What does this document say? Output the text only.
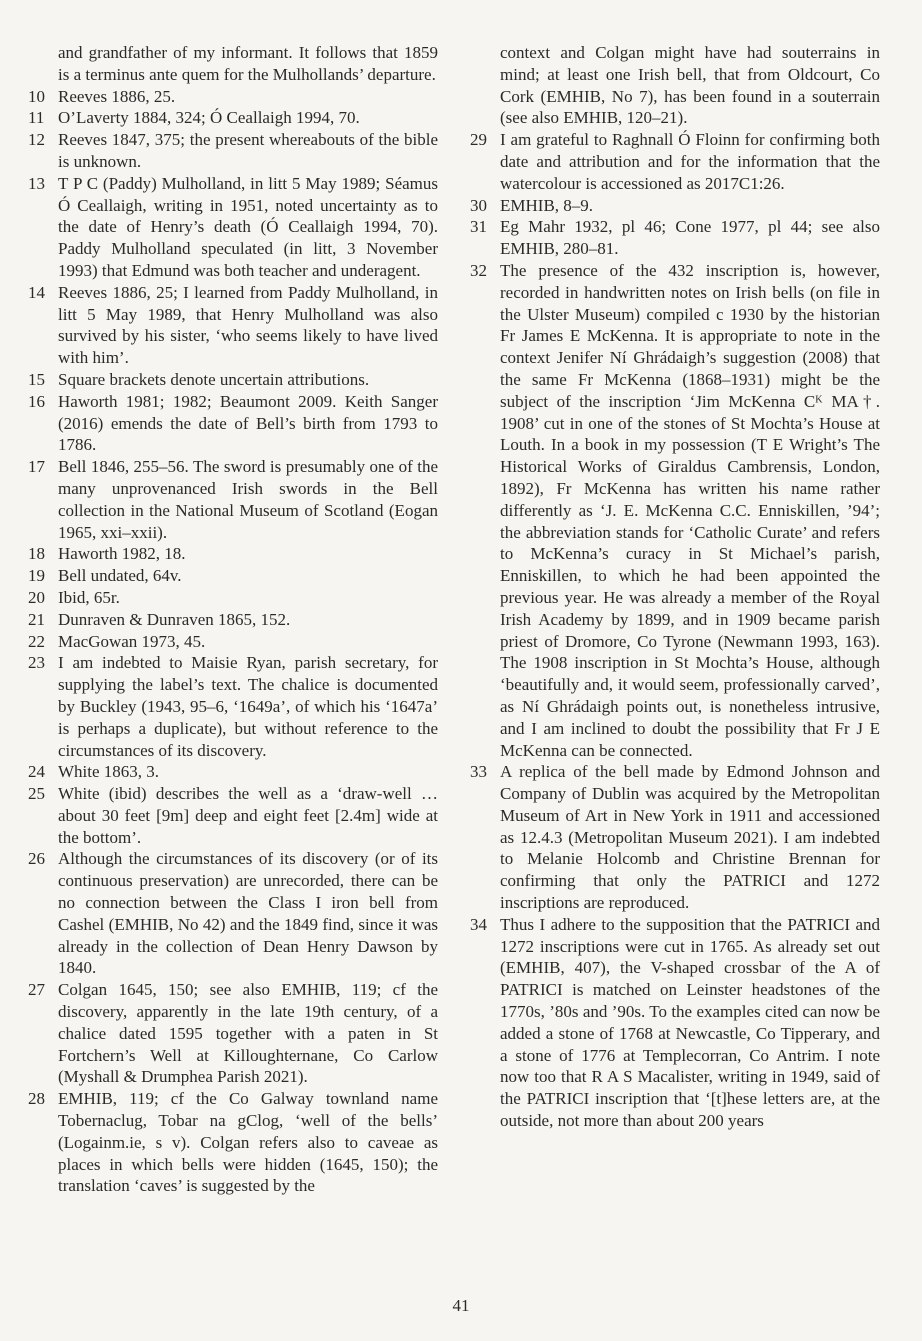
and grandfather of my informant. It follows that 1859 is a terminus ante quem for the Mulhollands’ departure.

10 Reeves 1886, 25.
11 O’Laverty 1884, 324; Ó Ceallaigh 1994, 70.
12 Reeves 1847, 375; the present whereabouts of the bible is unknown.
13 T P C (Paddy) Mulholland, in litt 5 May 1989; Séamus Ó Ceallaigh, writing in 1951, noted uncertainty as to the date of Henry’s death (Ó Ceallaigh 1994, 70). Paddy Mulholland speculated (in litt, 3 November 1993) that Edmund was both teacher and underagent.
14 Reeves 1886, 25; I learned from Paddy Mulholland, in litt 5 May 1989, that Henry Mulholland was also survived by his sister, ‘who seems likely to have lived with him’.
15 Square brackets denote uncertain attributions.
16 Haworth 1981; 1982; Beaumont 2009. Keith Sanger (2016) emends the date of Bell’s birth from 1793 to 1786.
17 Bell 1846, 255–56. The sword is presumably one of the many unprovenanced Irish swords in the Bell collection in the National Museum of Scotland (Eogan 1965, xxi–xxii).
18 Haworth 1982, 18.
19 Bell undated, 64v.
20 Ibid, 65r.
21 Dunraven & Dunraven 1865, 152.
22 MacGowan 1973, 45.
23 I am indebted to Maisie Ryan, parish secretary, for supplying the label’s text. The chalice is documented by Buckley (1943, 95–6, ‘1649a’, of which his ‘1647a’ is perhaps a duplicate), but without reference to the circumstances of its discovery.
24 White 1863, 3.
25 White (ibid) describes the well as a ‘draw-well … about 30 feet [9m] deep and eight feet [2.4m] wide at the bottom’.
26 Although the circumstances of its discovery (or of its continuous preservation) are unrecorded, there can be no connection between the Class I iron bell from Cashel (EMHIB, No 42) and the 1849 find, since it was already in the collection of Dean Henry Dawson by 1840.
27 Colgan 1645, 150; see also EMHIB, 119; cf the discovery, apparently in the late 19th century, of a chalice dated 1595 together with a paten in St Fortchern’s Well at Killoughternane, Co Carlow (Myshall & Drumphea Parish 2021).
28 EMHIB, 119; cf the Co Galway townland name Tobernaclug, Tobar na gClog, ‘well of the bells’ (Logainm.ie, s v). Colgan refers also to caveae as places in which bells were hidden (1645, 150); the translation ‘caves’ is suggested by the

context and Colgan might have had souterrains in mind; at least one Irish bell, that from Oldcourt, Co Cork (EMHIB, No 7), has been found in a souterrain (see also EMHIB, 120–21).

29 I am grateful to Raghnall Ó Floinn for confirming both date and attribution and for the information that the watercolour is accessioned as 2017C1:26.
30 EMHIB, 8–9.
31 Eg Mahr 1932, pl 46; Cone 1977, pl 44; see also EMHIB, 280–81.
32 The presence of the 432 inscription is, however, recorded in handwritten notes on Irish bells (on file in the Ulster Museum) compiled c 1930 by the historian Fr James E McKenna. It is appropriate to note in the context Jenifer Ní Ghrádaigh’s suggestion (2008) that the same Fr McKenna (1868–1931) might be the subject of the inscription ‘Jim McKenna Cᴷ MA†. 1908’ cut in one of the stones of St Mochta’s House at Louth. In a book in my possession (T E Wright’s The Historical Works of Giraldus Cambrensis, London, 1892), Fr McKenna has written his name rather differently as ‘J. E. McKenna C.C. Enniskillen, ’94’; the abbreviation stands for ‘Catholic Curate’ and refers to McKenna’s curacy in St Michael’s parish, Enniskillen, to which he had been appointed the previous year. He was already a member of the Royal Irish Academy by 1899, and in 1909 became parish priest of Dromore, Co Tyrone (Newmann 1993, 163). The 1908 inscription in St Mochta’s House, although ‘beautifully and, it would seem, professionally carved’, as Ní Ghrádaigh points out, is nonetheless intrusive, and I am inclined to doubt the possibility that Fr J E McKenna can be connected.
33 A replica of the bell made by Edmond Johnson and Company of Dublin was acquired by the Metropolitan Museum of Art in New York in 1911 and accessioned as 12.4.3 (Metropolitan Museum 2021). I am indebted to Melanie Holcomb and Christine Brennan for confirming that only the PATRICI and 1272 inscriptions are reproduced.
34 Thus I adhere to the supposition that the PATRICI and 1272 inscriptions were cut in 1765. As already set out (EMHIB, 407), the V-shaped crossbar of the A of PATRICI is matched on Leinster headstones of the 1770s, ’80s and ’90s. To the examples cited can now be added a stone of 1768 at Newcastle, Co Tipperary, and a stone of 1776 at Templecorran, Co Antrim. I note now too that R A S Macalister, writing in 1949, said of the PATRICI inscription that ‘[t]hese letters are, at the outside, not more than about 200 years
41
